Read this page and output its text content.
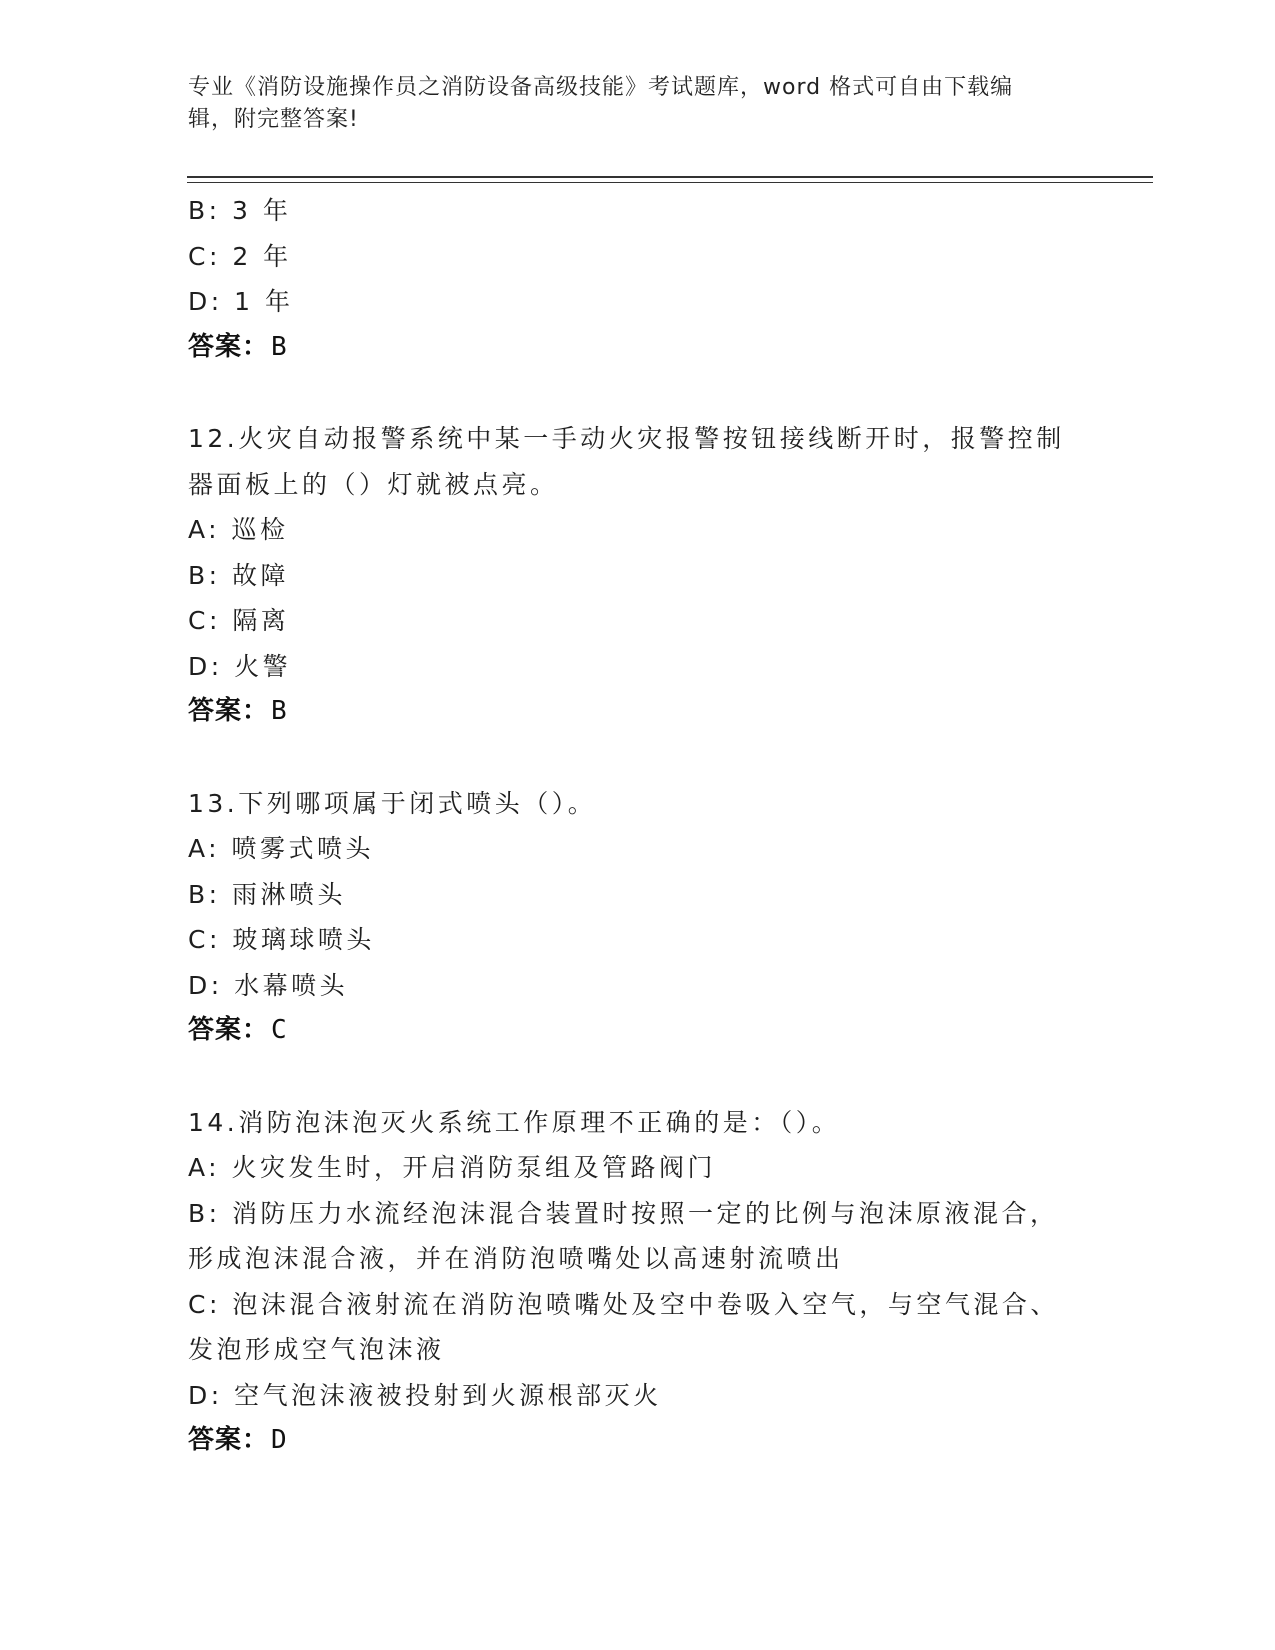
专业《消防设施操作员之消防设备高级技能》考试题库，word 格式可自由下载编
辑，附完整答案!
B: 3 年
C: 2 年
D: 1 年
答案：B
12.火灾自动报警系统中某一手动火灾报警按钮接线断开时，报警控制
器面板上的（）灯就被点亮。
A: 巡检
B: 故障
C: 隔离
D: 火警
答案：B
13.下列哪项属于闭式喷头（）。
A: 喷雾式喷头
B: 雨淋喷头
C: 玻璃球喷头
D: 水幕喷头
答案：C
14.消防泡沫泡灭火系统工作原理不正确的是：（）。
A: 火灾发生时，开启消防泵组及管路阀门
B: 消防压力水流经泡沫混合装置时按照一定的比例与泡沫原液混合，
形成泡沫混合液，并在消防泡喷嘴处以高速射流喷出
C: 泡沫混合液射流在消防泡喷嘴处及空中卷吸入空气，与空气混合、
发泡形成空气泡沫液
D: 空气泡沫液被投射到火源根部灭火
答案：D
